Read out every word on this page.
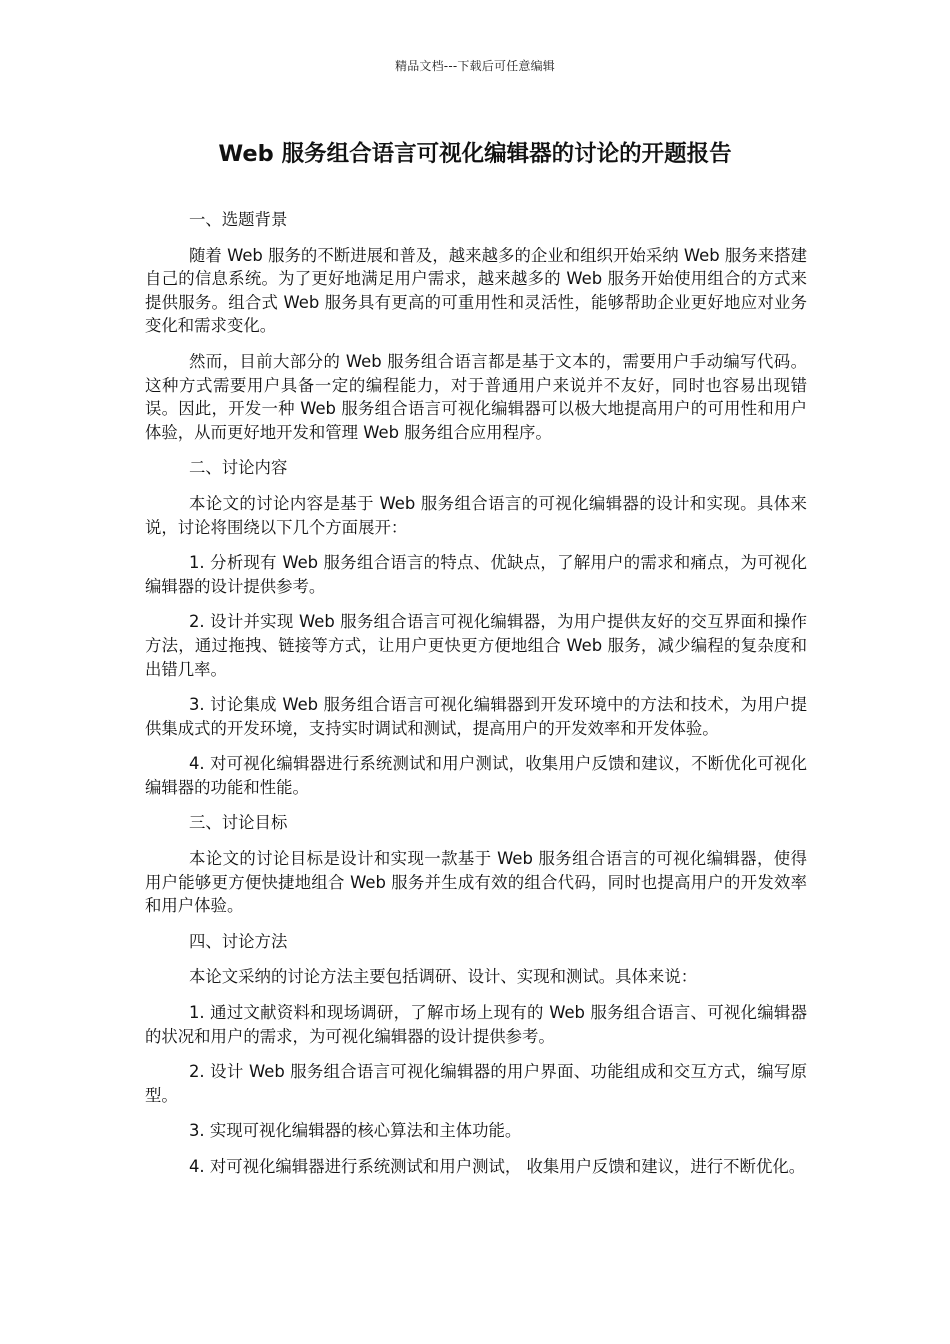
精品文档---下载后可任意编辑
Web 服务组合语言可视化编辑器的讨论的开题报告

一、选题背景

随着 Web 服务的不断进展和普及，越来越多的企业和组织开始采纳 Web 服务来搭建自己的信息系统。为了更好地满足用户需求，越来越多的 Web 服务开始使用组合的方式来提供服务。组合式 Web 服务具有更高的可重用性和灵活性，能够帮助企业更好地应对业务变化和需求变化。

然而，目前大部分的 Web 服务组合语言都是基于文本的，需要用户手动编写代码。这种方式需要用户具备一定的编程能力，对于普通用户来说并不友好，同时也容易出现错误。因此，开发一种 Web 服务组合语言可视化编辑器可以极大地提高用户的可用性和用户体验，从而更好地开发和管理 Web 服务组合应用程序。

二、讨论内容

本论文的讨论内容是基于 Web 服务组合语言的可视化编辑器的设计和实现。具体来说，讨论将围绕以下几个方面展开：

1. 分析现有 Web 服务组合语言的特点、优缺点，了解用户的需求和痛点，为可视化编辑器的设计提供参考。

2. 设计并实现 Web 服务组合语言可视化编辑器，为用户提供友好的交互界面和操作方法，通过拖拽、链接等方式，让用户更快更方便地组合 Web 服务，减少编程的复杂度和出错几率。

3. 讨论集成 Web 服务组合语言可视化编辑器到开发环境中的方法和技术，为用户提供集成式的开发环境，支持实时调试和测试，提高用户的开发效率和开发体验。

4. 对可视化编辑器进行系统测试和用户测试，收集用户反馈和建议，不断优化可视化编辑器的功能和性能。

三、讨论目标

本论文的讨论目标是设计和实现一款基于 Web 服务组合语言的可视化编辑器，使得用户能够更方便快捷地组合 Web 服务并生成有效的组合代码，同时也提高用户的开发效率和用户体验。

四、讨论方法

本论文采纳的讨论方法主要包括调研、设计、实现和测试。具体来说：

1. 通过文献资料和现场调研，了解市场上现有的 Web 服务组合语言、可视化编辑器的状况和用户的需求，为可视化编辑器的设计提供参考。

2. 设计 Web 服务组合语言可视化编辑器的用户界面、功能组成和交互方式，编写原型。

3. 实现可视化编辑器的核心算法和主体功能。

4. 对可视化编辑器进行系统测试和用户测试， 收集用户反馈和建议，进行不断优化。
